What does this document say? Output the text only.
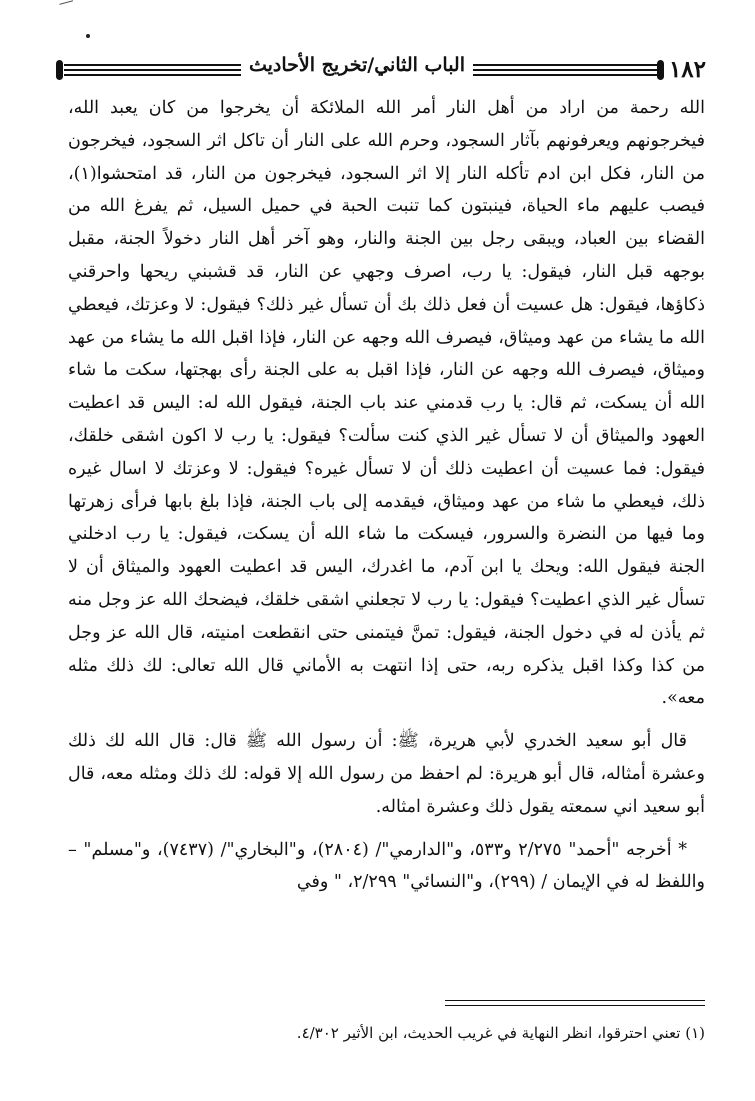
١٨٢
الباب الثاني/تخريج الأحاديث

الله رحمة من اراد من أهل النار أمر الله الملائكة أن يخرجوا من كان يعبد الله، فيخرجونهم ويعرفونهم بآثار السجود، وحرم الله على النار أن تاكل اثر السجود، فيخرجون من النار، فكل ابن ادم تأكله النار إلا اثر السجود، فيخرجون من النار، قد امتحشوا(١)، فيصب عليهم ماء الحياة، فينبتون كما تنبت الحبة في حميل السيل، ثم يفرغ الله من القضاء بين العباد، ويبقى رجل بين الجنة والنار، وهو آخر أهل النار دخولاً الجنة، مقبل بوجهه قبل النار، فيقول: يا رب، اصرف وجهي عن النار، قد قشبني ريحها واحرقني ذكاؤها، فيقول: هل عسيت أن فعل ذلك بك أن تسأل غير ذلك؟ فيقول: لا وعزتك، فيعطي الله ما يشاء من عهد وميثاق، فيصرف الله وجهه عن النار، فإذا اقبل الله ما يشاء من عهد وميثاق، فيصرف الله وجهه عن النار، فإذا اقبل به على الجنة رأى بهجتها، سكت ما شاء الله أن يسكت، ثم قال: يا رب قدمني عند باب الجنة، فيقول الله له: اليس قد اعطيت العهود والميثاق أن لا تسأل غير الذي كنت سألت؟ فيقول: يا رب لا اكون اشقى خلقك، فيقول: فما عسيت أن اعطيت ذلك أن لا تسأل غيره؟ فيقول: لا وعزتك لا اسال غيره ذلك، فيعطي ما شاء من عهد وميثاق، فيقدمه إلى باب الجنة، فإذا بلغ بابها فرأى زهرتها وما فيها من النضرة والسرور، فيسكت ما شاء الله أن يسكت، فيقول: يا رب ادخلني الجنة فيقول الله: ويحك يا ابن آدم، ما اغدرك، اليس قد اعطيت العهود والميثاق أن لا تسأل غير الذي اعطيت؟ فيقول: يا رب لا تجعلني اشقى خلقك، فيضحك الله عز وجل منه ثم يأذن له في دخول الجنة، فيقول: تمنَّ فيتمنى حتى انقطعت امنيته، قال الله عز وجل من كذا وكذا اقبل يذكره ربه، حتى إذا انتهت به الأماني قال الله تعالى: لك ذلك مثله معه».

قال أبو سعيد الخدري لأبي هريرة، ﷺ: أن رسول الله ﷺ قال: قال الله لك ذلك وعشرة أمثاله، قال أبو هريرة: لم احفظ من رسول الله إلا قوله: لك ذلك ومثله معه، قال أبو سعيد اني سمعته يقول ذلك وعشرة امثاله.

* أخرجه "أحمد" ٢/٢٧٥ و٥٣٣، و"الدارمي"/ (٢٨٠٤)، و"البخاري"/ (٧٤٣٧)، و"مسلم" –واللفظ له في الإيمان / (٢٩٩)، و"النسائي" ٢/٢٩٩، " وفي

(١) تعني احترقوا، انظر النهاية في غريب الحديث، ابن الأثير ٤/٣٠٢.
